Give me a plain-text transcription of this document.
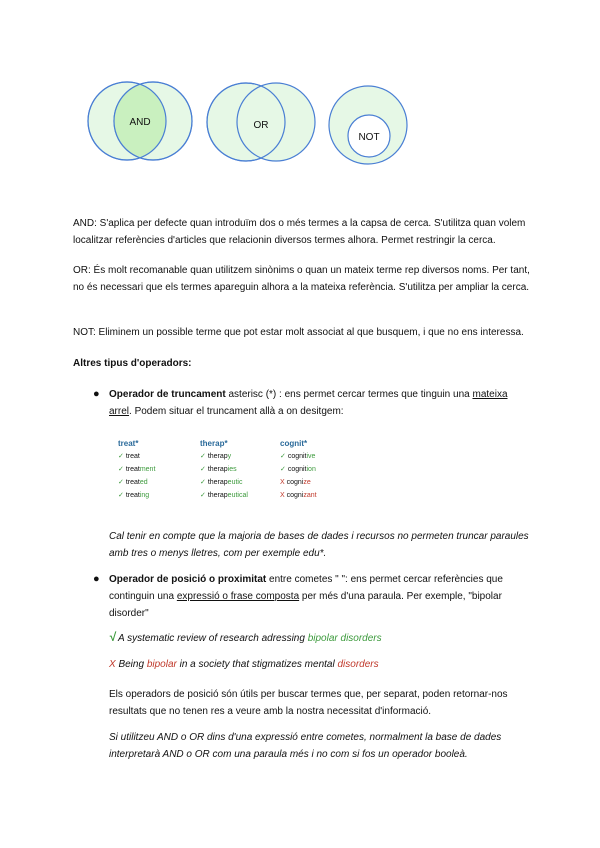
AND	OR
NOT

AND: S'aplica per defecte quan introduïm dos o més termes a la capsa de cerca. S'utilitza quan volem localitzar referències d'articles que relacionin diversos termes alhora. Permet restringir la cerca.

OR: És molt recomanable quan utilitzem sinònims o quan un mateix terme rep diversos noms. Per tant, no és necessari que els termes apareguin alhora a la mateixa referència. S'utilitza per ampliar la cerca.

NOT: Eliminem un possible terme que pot estar molt associat al que busquem, i que no ens interessa.

Altres tipus d'operadors:

● Operador de truncament asterisc (*) : ens permet cercar termes que tinguin una mateixa arrel. Podem situar el truncament allà a on desitgem:

treat*
✓ treat
✓ treatment
✓ treated
✓ treating
therap*
✓ therapy
✓ therapies
✓ therapeutic
✓ therapeutical
cognit*
✓ cognitive
✓ cognition
X cognize
X cognizant

Cal tenir en compte que la majoria de bases de dades i recursos no permeten truncar paraules amb tres o menys lletres, com per exemple edu*.

● Operador de posició o proximitat entre cometes " ": ens permet cercar referències que continguin una expressió o frase composta per més d'una paraula. Per exemple, "bipolar disorder"

√ A systematic review of research adressing bipolar disorders

X Being bipolar in a society that stigmatizes mental disorders

Els operadors de posició són útils per buscar termes que, per separat, poden retornar-nos resultats que no tenen res a veure amb la nostra necessitat d'informació.

Si utilitzeu AND o OR dins d'una expressió entre cometes, normalment la base de dades interpretarà AND o OR com una paraula més i no com si fos un operador booleà.
